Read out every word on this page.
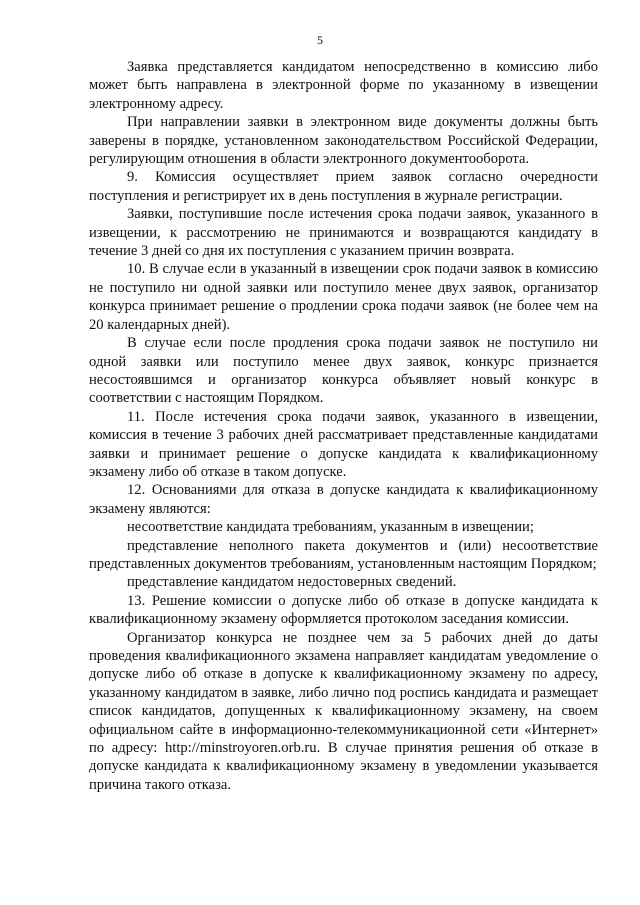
5

Заявка представляется кандидатом непосредственно в комиссию либо может быть направлена в электронной форме по указанному в извещении электронному адресу.

При направлении заявки в электронном виде документы должны быть заверены в порядке, установленном законодательством Российской Федерации, регулирующим отношения в области электронного документооборота.

9. Комиссия осуществляет прием заявок согласно очередности поступления и регистрирует их в день поступления в журнале регистрации.

Заявки, поступившие после истечения срока подачи заявок, указанного в извещении, к рассмотрению не принимаются и возвращаются кандидату в течение 3 дней со дня их поступления с указанием причин возврата.

10. В случае если в указанный в извещении срок подачи заявок в комиссию не поступило ни одной заявки или поступило менее двух заявок, организатор конкурса принимает решение о продлении срока подачи заявок (не более чем на 20 календарных дней).

В случае если после продления срока подачи заявок не поступило ни одной заявки или поступило менее двух заявок, конкурс признается несостоявшимся и организатор конкурса объявляет новый конкурс в соответствии с настоящим Порядком.

11. После истечения срока подачи заявок, указанного в извещении, комиссия в течение 3 рабочих дней рассматривает представленные кандидатами заявки и принимает решение о допуске кандидата к квалификационному экзамену либо об отказе в таком допуске.

12. Основаниями для отказа в допуске кандидата к квалификационному экзамену являются:

несоответствие кандидата требованиям, указанным в извещении;

представление неполного пакета документов и (или) несоответствие представленных документов требованиям, установленным настоящим Порядком;

представление кандидатом недостоверных сведений.

13. Решение комиссии о допуске либо об отказе в допуске кандидата к квалификационному экзамену оформляется протоколом заседания комиссии.

Организатор конкурса не позднее чем за 5 рабочих дней до даты проведения квалификационного экзамена направляет кандидатам уведомление о допуске либо об отказе в допуске к квалификационному экзамену по адресу, указанному кандидатом в заявке, либо лично под роспись кандидата и размещает список кандидатов, допущенных к квалификационному экзамену, на своем официальном сайте в информационно-телекоммуникационной сети «Интернет» по адресу: http://minstroyoren.orb.ru. В случае принятия решения об отказе в допуске кандидата к квалификационному экзамену в уведомлении указывается причина такого отказа.
